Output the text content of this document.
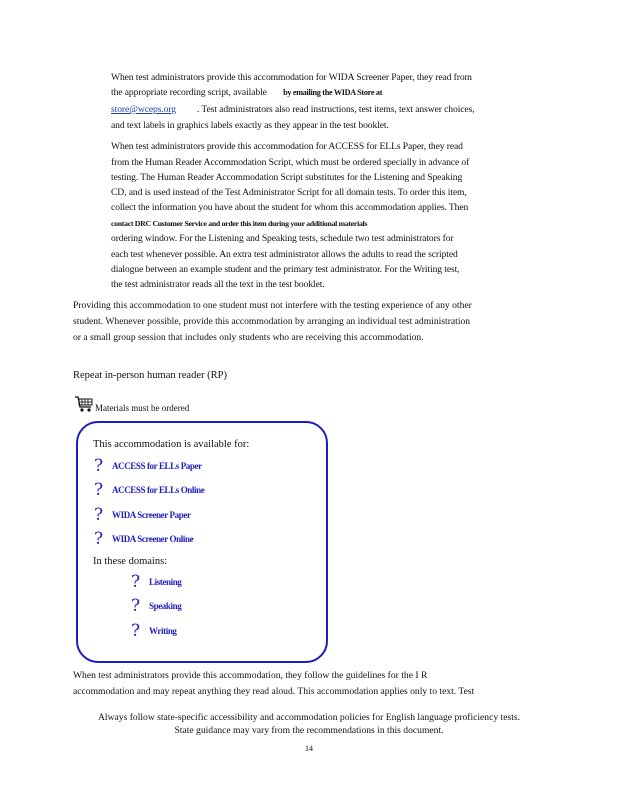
When test administrators provide this accommodation for WIDA Screener Paper, they read from
the appropriate recording script, available by emailing the WIDA Store at
store@wceps.org . Test administrators also read instructions, test items, text answer choices,
and text labels in graphics labels exactly as they appear in the test booklet.
When test administrators provide this accommodation for ACCESS for ELLs Paper, they read
from the Human Reader Accommodation Script, which must be ordered specially in advance of
testing. The Human Reader Accommodation Script substitutes for the Listening and Speaking
CD, and is used instead of the Test Administrator Script for all domain tests. To order this item,
collect the information you have about the student for whom this accommodation applies. Then
contact DRC Customer Service and order this item during your additional materials
ordering window. For the Listening and Speaking tests, schedule two test administrators for
each test whenever possible. An extra test administrator allows the adults to read the scripted
dialogue between an example student and the primary test administrator. For the Writing test,
the test administrator reads all the text in the test booklet.
Providing this accommodation to one student must not interfere with the testing experience of any other
student. Whenever possible, provide this accommodation by arranging an individual test administration
or a small group session that includes only students who are receiving this accommodation.
Repeat in-person human reader (RP)
Materials must be ordered
This accommodation is available for:
? ACCESS for ELLs Paper
? ACCESS for ELLs Online
? WIDA Screener Paper
? WIDA Screener Online
In these domains:
? Listening
? Speaking
? Writing
When test administrators provide this accommodation, they follow the guidelines for the I R
accommodation and may repeat anything they read aloud. This accommodation applies only to text. Test
Always follow state-specific accessibility and accommodation policies for English language proficiency tests.
State guidance may vary from the recommendations in this document.
14
